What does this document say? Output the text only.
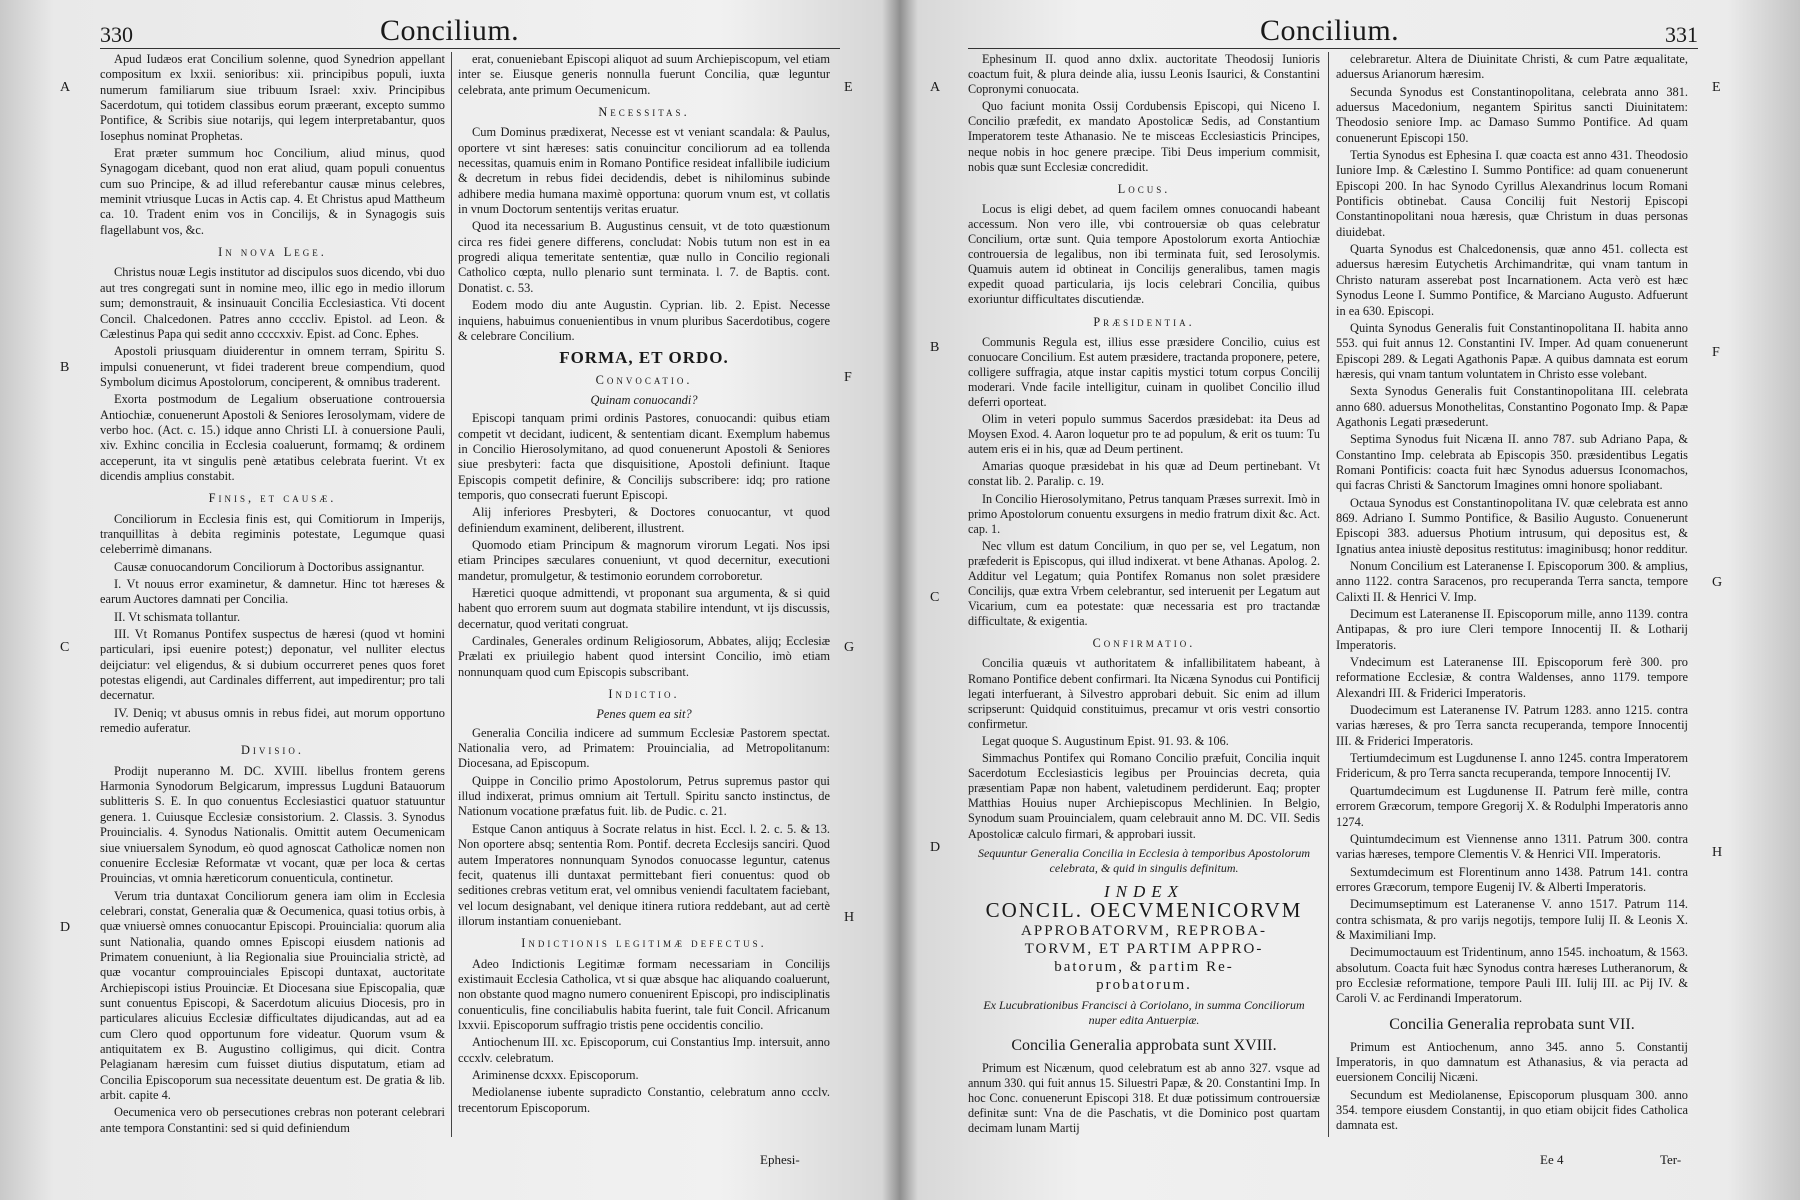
330	Concilium.

Apud Iudæos erat Concilium solenne, quod Synedrion appellant compositum ex lxxii. senioribus: xii. principibus populi, iuxta numerum familiarum siue tribuum Israel: xxiv. Principibus Sacerdotum, qui totidem classibus eorum præerant, excepto summo Pontifice, & Scribis siue notarijs, qui legem interpretabantur, quos Iosephus nominat Prophetas.

Erat præter summum hoc Concilium, aliud minus, quod Synagogam dicebant, quod non erat aliud, quam populi conuentus cum suo Principe, & ad illud referebantur causæ minus celebres, meminit vtriusque Lucas in Actis cap. 4. Et Christus apud Mattheum ca. 10. Tradent enim vos in Concilijs, & in Synagogis suis flagellabunt vos, &c.

In nova Lege.

Christus nouæ Legis institutor ad discipulos suos dicendo, vbi duo aut tres congregati sunt in nomine meo, illic ego in medio illorum sum; demonstrauit, & insinuauit Concilia Ecclesiastica. Vti docent Concil. Chalcedonen. Patres anno ccccliv. Epistol. ad Leon. & Cælestinus Papa qui sedit anno ccccxxiv. Epist. ad Conc. Ephes.

Apostoli priusquam diuiderentur in omnem terram, Spiritu S. impulsi conuenerunt, vt fidei traderent breue compendium, quod Symbolum dicimus Apostolorum, conciperent, & omnibus traderent.

Exorta postmodum de Legalium obseruatione controuersia Antiochiæ, conuenerunt Apostoli & Seniores Ierosolymam, videre de verbo hoc. (Act. c. 15.) idque anno Christi LI. à conuersione Pauli, xiv. Exhinc concilia in Ecclesia coaluerunt, formamq; & ordinem acceperunt, ita vt singulis penè ætatibus celebrata fuerint. Vt ex dicendis amplius constabit.

Finis, et causæ.

Conciliorum in Ecclesia finis est, qui Comitiorum in Imperijs, tranquillitas à debita regiminis potestate, Legumque quasi celeberrimè dimanans.

Causæ conuocandorum Conciliorum à Doctoribus assignantur.

I. Vt nouus error examinetur, & damnetur. Hinc tot hæreses & earum Auctores damnati per Concilia.

II. Vt schismata tollantur.

III. Vt Romanus Pontifex suspectus de hæresi (quod vt homini particulari, ipsi euenire potest;) deponatur, vel nulliter electus deijciatur: vel eligendus, & si dubium occurreret penes quos foret potestas eligendi, aut Cardinales differrent, aut impedirentur; pro tali decernatur.

IV. Deniq; vt abusus omnis in rebus fidei, aut morum opportuno remedio auferatur.

Divisio.

Prodijt nuperanno M. DC. XVIII. libellus frontem gerens Harmonia Synodorum Belgicarum, impressus Lugduni Batauorum sublitteris S. E. In quo conuentus Ecclesiastici quatuor statuuntur genera. 1. Cuiusque Ecclesiæ consistorium. 2. Classis. 3. Synodus Prouincialis. 4. Synodus Nationalis. Omittit autem Oecumenicam siue vniuersalem Synodum, eò quod agnoscat Catholicæ nomen non conuenire Ecclesiæ Reformatæ vt vocant, quæ per loca & certas Prouincias, vt omnia hæreticorum conuenticula, continetur.

Verum tria duntaxat Conciliorum genera iam olim in Ecclesia celebrari, constat, Generalia quæ & Oecumenica, quasi totius orbis, à quæ vniuersè omnes conuocantur Episcopi. Prouincialia: quorum alia sunt Nationalia, quando omnes Episcopi eiusdem nationis ad Primatem conueniunt, à lia Regionalia siue Prouincialia strictè, ad quæ vocantur comprouinciales Episcopi duntaxat, auctoritate Archiepiscopi istius Prouinciæ. Et Diocesana siue Episcopalia, quæ sunt conuentus Episcopi, & Sacerdotum alicuius Diocesis, pro in particulares alicuius Ecclesiæ difficultates dijudicandas, aut ad ea cum Clero quod opportunum fore videatur. Quorum vsum & antiquitatem ex B. Augustino colligimus, qui dicit. Contra Pelagianam hæresim cum fuisset diutius disputatum, etiam ad Concilia Episcoporum sua necessitate deuentum est. De gratia & lib. arbit. capite 4.

Oecumenica vero ob persecutiones crebras non poterant celebrari ante tempora Constantini: sed si quid definiendum

erat, conueniebant Episcopi aliquot ad suum Archiepiscopum, vel etiam inter se. Eiusque generis nonnulla fuerunt Concilia, quæ leguntur celebrata, ante primum Oecumenicum.

Necessitas.

Cum Dominus prædixerat, Necesse est vt veniant scandala: & Paulus, oportere vt sint hæreses: satis conuincitur conciliorum ad ea tollenda necessitas, quamuis enim in Romano Pontifice resideat infallibile iudicium & decretum in rebus fidei decidendis, debet is nihilominus subinde adhibere media humana maximè opportuna: quorum vnum est, vt collatis in vnum Doctorum sententijs veritas eruatur.

Quod ita necessarium B. Augustinus censuit, vt de toto quæstionum circa res fidei genere differens, concludat: Nobis tutum non est in ea progredi aliqua temeritate sententiæ, quæ nullo in Concilio regionali Catholico cœpta, nullo plenario sunt terminata. l. 7. de Baptis. cont. Donatist. c. 53.

Eodem modo diu ante Augustin. Cyprian. lib. 2. Epist. Necesse inquiens, habuimus conuenientibus in vnum pluribus Sacerdotibus, cogere & celebrare Concilium.

FORMA, ET ORDO.
Convocatio.
Quinam conuocandi?

Episcopi tanquam primi ordinis Pastores, conuocandi: quibus etiam competit vt decidant, iudicent, & sententiam dicant. Exemplum habemus in Concilio Hierosolymitano, ad quod conuenerunt Apostoli & Seniores siue presbyteri: facta que disquisitione, Apostoli definiunt. Itaque Episcopis competit definire, & Concilijs subscribere: idq; pro ratione temporis, quo consecrati fuerunt Episcopi.

Alij inferiores Presbyteri, & Doctores conuocantur, vt quod definiendum examinent, deliberent, illustrent.

Quomodo etiam Principum & magnorum virorum Legati. Nos ipsi etiam Principes sæculares conueniunt, vt quod decernitur, executioni mandetur, promulgetur, & testimonio eorundem corroboretur.

Hæretici quoque admittendi, vt proponant sua argumenta, & si quid habent quo errorem suum aut dogmata stabilire intendunt, vt ijs discussis, decernatur, quod veritati congruat.

Cardinales, Generales ordinum Religiosorum, Abbates, alijq; Ecclesiæ Prælati ex priuilegio habent quod intersint Concilio, imò etiam nonnunquam quod cum Episcopis subscribant.

Indictio.
Penes quem ea sit?

Generalia Concilia indicere ad summum Ecclesiæ Pastorem spectat. Nationalia vero, ad Primatem: Prouincialia, ad Metropolitanum: Diocesana, ad Episcopum.

Quippe in Concilio primo Apostolorum, Petrus supremus pastor qui illud indixerat, primus omnium ait Tertull. Spiritu sancto instinctus, de Nationum vocatione præfatus fuit. lib. de Pudic. c. 21.

Estque Canon antiquus à Socrate relatus in hist. Eccl. l. 2. c. 5. & 13. Non oportere absq; sententia Rom. Pontif. decreta Ecclesijs sanciri. Quod autem Imperatores nonnunquam Synodos conuocasse leguntur, catenus fecit, quatenus illi duntaxat permittebant fieri conuentus: quod ob seditiones crebras vetitum erat, vel omnibus veniendi facultatem faciebant, vel locum designabant, vel denique itinera rutiora reddebant, aut ad certè illorum instantiam conueniebant.

Indictionis legitimæ defectus.

Adeo Indictionis Legitimæ formam necessariam in Concilijs existimauit Ecclesia Catholica, vt si quæ absque hac aliquando coaluerunt, non obstante quod magno numero conuenirent Episcopi, pro indisciplinatis conuenticulis, fine conciliabulis habita fuerint, tale fuit Concil. Africanum lxxvii. Episcoporum suffragio tristis pene occidentis concilio.

Antiochenum III. xc. Episcoporum, cui Constantius Imp. intersuit, anno cccxlv. celebratum.

Ariminense dcxxx. Episcoporum.

Mediolanense iubente supradicto Constantio, celebratum anno ccclv. trecentorum Episcoporum.

A
B
C
D
E
F
G
H
Ephesi-
Concilium.	331

Ephesinum II. quod anno dxlix. auctoritate Theodosij Iunioris coactum fuit, & plura deinde alia, iussu Leonis Isaurici, & Constantini Copronymi conuocata.

Quo faciunt monita Ossij Cordubensis Episcopi, qui Niceno I. Concilio præfedit, ex mandato Apostolicæ Sedis, ad Constantium Imperatorem teste Athanasio. Ne te misceas Ecclesiasticis Principes, neque nobis in hoc genere præcipe. Tibi Deus imperium commisit, nobis quæ sunt Ecclesiæ concredidit.

Locus.

Locus is eligi debet, ad quem facilem omnes conuocandi habeant accessum. Non vero ille, vbi controuersiæ ob quas celebratur Concilium, ortæ sunt. Quia tempore Apostolorum exorta Antiochiæ controuersia de legalibus, non ibi terminata fuit, sed Ierosolymis. Quamuis autem id obtineat in Concilijs generalibus, tamen magis expedit quoad particularia, ijs locis celebrari Concilia, quibus exoriuntur difficultates discutiendæ.

Præsidentia.

Communis Regula est, illius esse præsidere Concilio, cuius est conuocare Concilium. Est autem præsidere, tractanda proponere, petere, colligere suffragia, atque instar capitis mystici totum corpus Concilij moderari. Vnde facile intelligitur, cuinam in quolibet Concilio illud deferri oporteat.

Olim in veteri populo summus Sacerdos præsidebat: ita Deus ad Moysen Exod. 4. Aaron loquetur pro te ad populum, & erit os tuum: Tu autem eris ei in his, quæ ad Deum pertinent.

Amarias quoque præsidebat in his quæ ad Deum pertinebant. Vt constat lib. 2. Paralip. c. 19.

In Concilio Hierosolymitano, Petrus tanquam Præses surrexit. Imò in primo Apostolorum conuentu exsurgens in medio fratrum dixit &c. Act. cap. 1.

Nec vllum est datum Concilium, in quo per se, vel Legatum, non præfederit is Episcopus, qui illud indixerat. vt bene Athanas. Apolog. 2. Additur vel Legatum; quia Pontifex Romanus non solet præsidere Concilijs, quæ extra Vrbem celebrantur, sed interuenit per Legatum aut Vicarium, cum ea potestate: quæ necessaria est pro tractandæ difficultate, & exigentia.

Confirmatio.

Concilia quæuis vt authoritatem & infallibilitatem habeant, à Romano Pontifice debent confirmari. Ita Nicæna Synodus cui Pontificij legati interfuerant, à Silvestro approbari debuit. Sic enim ad illum scripserunt: Quidquid constituimus, precamur vt oris vestri consortio confirmetur.

Legat quoque S. Augustinum Epist. 91. 93. & 106.

Simmachus Pontifex qui Romano Concilio præfuit, Concilia inquit Sacerdotum Ecclesiasticis legibus per Prouincias decreta, quia præsentiam Papæ non habent, valetudinem perdiderunt. Eaq; propter Matthias Houius nuper Archiepiscopus Mechlinien. In Belgio, Synodum suam Prouincialem, quam celebrauit anno M. DC. VII. Sedis Apostolicæ calculo firmari, & approbari iussit.

Sequuntur Generalia Concilia in Ecclesia à temporibus Apostolorum celebrata, & quid in singulis definitum.
INDEX
CONCIL. OECVMENICORVM
APPROBATORVM, REPROBA-
TORVM, ET PARTIM APPRO-
batorum, & partim Re-
probatorum.
Ex Lucubrationibus Francisci à Coriolano, in summa Conciliorum nuper edita Antuerpiæ.
Concilia Generalia approbata sunt XVIII.

Primum est Nicænum, quod celebratum est ab anno 327. vsque ad annum 330. qui fuit annus 15. Siluestri Papæ, & 20. Constantini Imp. In hoc Conc. conuenerunt Episcopi 318. Et duæ potissimum controuersiæ definitæ sunt: Vna de die Paschatis, vt die Dominico post quartam decimam lunam Martij

celebraretur. Altera de Diuinitate Christi, & cum Patre æqualitate, aduersus Arianorum hæresim.

Secunda Synodus est Constantinopolitana, celebrata anno 381. aduersus Macedonium, negantem Spiritus sancti Diuinitatem: Theodosio seniore Imp. ac Damaso Summo Pontifice. Ad quam conuenerunt Episcopi 150.

Tertia Synodus est Ephesina I. quæ coacta est anno 431. Theodosio Iuniore Imp. & Cælestino I. Summo Pontifice: ad quam conuenerunt Episcopi 200. In hac Synodo Cyrillus Alexandrinus locum Romani Pontificis obtinebat. Causa Concilij fuit Nestorij Episcopi Constantinopolitani noua hæresis, quæ Christum in duas personas diuidebat.

Quarta Synodus est Chalcedonensis, quæ anno 451. collecta est aduersus hæresim Eutychetis Archimandritæ, qui vnam tantum in Christo naturam asserebat post Incarnationem. Acta verò est hæc Synodus Leone I. Summo Pontifice, & Marciano Augusto. Adfuerunt in ea 630. Episcopi.

Quinta Synodus Generalis fuit Constantinopolitana II. habita anno 553. qui fuit annus 12. Constantini IV. Imper. Ad quam conuenerunt Episcopi 289. & Legati Agathonis Papæ. A quibus damnata est eorum hæresis, qui vnam tantum voluntatem in Christo esse volebant.

Sexta Synodus Generalis fuit Constantinopolitana III. celebrata anno 680. aduersus Monothelitas, Constantino Pogonato Imp. & Papæ Agathonis Legati præsederunt.

Septima Synodus fuit Nicæna II. anno 787. sub Adriano Papa, & Constantino Imp. celebrata ab Episcopis 350. præsidentibus Legatis Romani Pontificis: coacta fuit hæc Synodus aduersus Iconomachos, qui facras Christi & Sanctorum Imagines omni honore spoliabant.

Octaua Synodus est Constantinopolitana IV. quæ celebrata est anno 869. Adriano I. Summo Pontifice, & Basilio Augusto. Conuenerunt Episcopi 383. aduersus Photium intrusum, qui depositus est, & Ignatius antea iniustè depositus restitutus: imaginibusq; honor redditur.

Nonum Concilium est Lateranense I. Episcoporum 300. & amplius, anno 1122. contra Saracenos, pro recuperanda Terra sancta, tempore Calixti II. & Henrici V. Imp.

Decimum est Lateranense II. Episcoporum mille, anno 1139. contra Antipapas, & pro iure Cleri tempore Innocentij II. & Lotharij Imperatoris.

Vndecimum est Lateranense III. Episcoporum ferè 300. pro reformatione Ecclesiæ, & contra Waldenses, anno 1179. tempore Alexandri III. & Friderici Imperatoris.

Duodecimum est Lateranense IV. Patrum 1283. anno 1215. contra varias hæreses, & pro Terra sancta recuperanda, tempore Innocentij III. & Friderici Imperatoris.

Tertiumdecimum est Lugdunense I. anno 1245. contra Imperatorem Fridericum, & pro Terra sancta recuperanda, tempore Innocentij IV.

Quartumdecimum est Lugdunense II. Patrum ferè mille, contra errorem Græcorum, tempore Gregorij X. & Rodulphi Imperatoris anno 1274.

Quintumdecimum est Viennense anno 1311. Patrum 300. contra varias hæreses, tempore Clementis V. & Henrici VII. Imperatoris.

Sextumdecimum est Florentinum anno 1438. Patrum 141. contra errores Græcorum, tempore Eugenij IV. & Alberti Imperatoris.

Decimumseptimum est Lateranense V. anno 1517. Patrum 114. contra schismata, & pro varijs negotijs, tempore Iulij II. & Leonis X. & Maximiliani Imp.

Decimumoctauum est Tridentinum, anno 1545. inchoatum, & 1563. absolutum. Coacta fuit hæc Synodus contra hæreses Lutheranorum, & pro Ecclesiæ reformatione, tempore Pauli III. Iulij III. ac Pij IV. & Caroli V. ac Ferdinandi Imperatorum.

Concilia Generalia reprobata sunt VII.

Primum est Antiochenum, anno 345. anno 5. Constantij Imperatoris, in quo damnatum est Athanasius, & via peracta ad euersionem Concilij Nicæni.

Secundum est Mediolanense, Episcoporum plusquam 300. anno 354. tempore eiusdem Constantij, in quo etiam obijcit fides Catholica damnata est.

A
B
C
D
E
F
G
H
Ee 4	Ter-
